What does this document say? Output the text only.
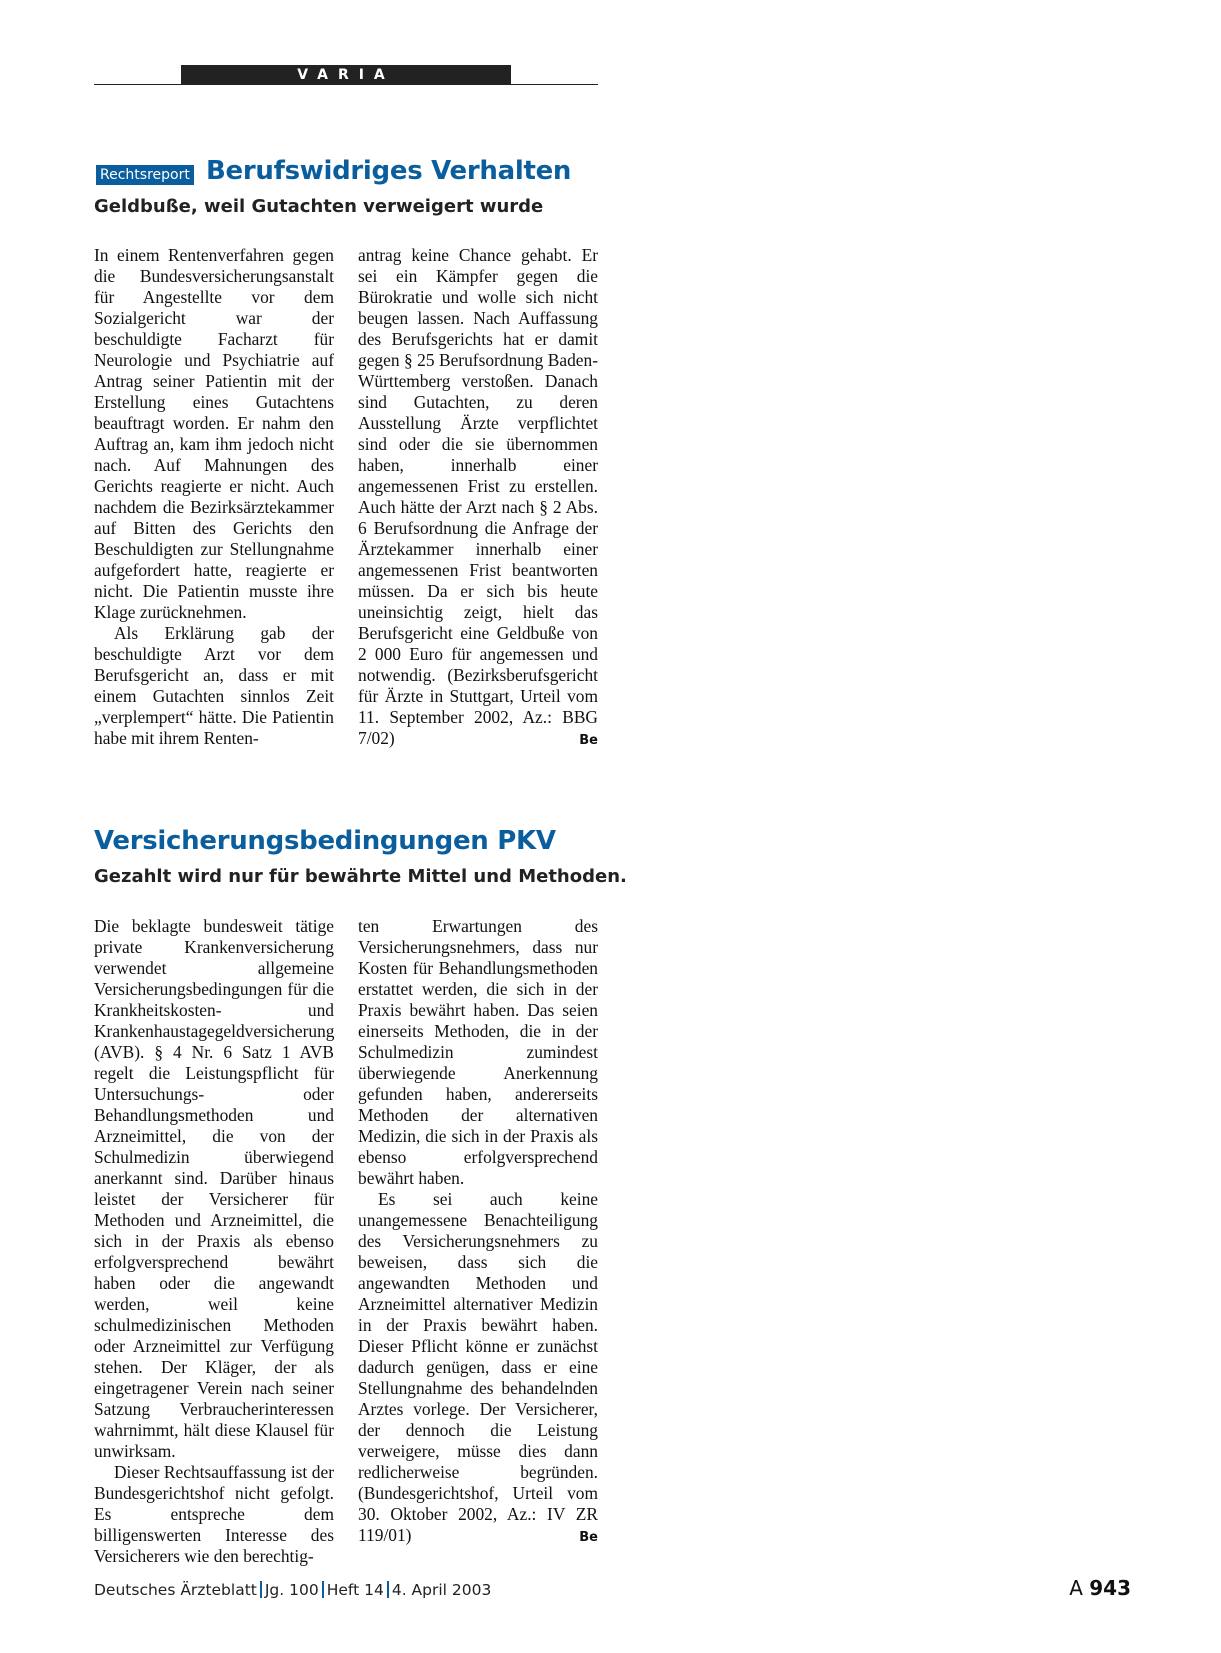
VARIA
Rechtsreport Berufswidriges Verhalten
Geldbuße, weil Gutachten verweigert wurde

In einem Rentenverfahren gegen die Bundesversicherungsanstalt für Angestellte vor dem Sozialgericht war der beschuldigte Facharzt für Neurologie und Psychiatrie auf Antrag seiner Patientin mit der Erstellung eines Gutachtens beauftragt worden. Er nahm den Auftrag an, kam ihm jedoch nicht nach. Auf Mahnungen des Gerichts reagierte er nicht. Auch nachdem die Bezirksärztekammer auf Bitten des Gerichts den Beschuldigten zur Stellungnahme aufgefordert hatte, reagierte er nicht. Die Patientin musste ihre Klage zurücknehmen.

Als Erklärung gab der beschuldigte Arzt vor dem Berufsgericht an, dass er mit einem Gutachten sinnlos Zeit „verplempert“ hätte. Die Patientin habe mit ihrem Renten-

antrag keine Chance gehabt. Er sei ein Kämpfer gegen die Bürokratie und wolle sich nicht beugen lassen. Nach Auffassung des Berufsgerichts hat er damit gegen § 25 Berufsordnung Baden-Württemberg verstoßen. Danach sind Gutachten, zu deren Ausstellung Ärzte verpflichtet sind oder die sie übernommen haben, innerhalb einer angemessenen Frist zu erstellen. Auch hätte der Arzt nach § 2 Abs. 6 Berufsordnung die Anfrage der Ärztekammer innerhalb einer angemessenen Frist beantworten müssen. Da er sich bis heute uneinsichtig zeigt, hielt das Berufsgericht eine Geldbuße von 2 000 Euro für angemessen und notwendig. (Bezirksberufsgericht für Ärzte in Stuttgart, Urteil vom 11. September 2002, Az.: BBG 7/02)	Be

Versicherungsbedingungen PKV
Gezahlt wird nur für bewährte Mittel und Methoden.

Die beklagte bundesweit tätige private Krankenversicherung verwendet allgemeine Versicherungsbedingungen für die Krankheitskosten- und Krankenhaustagegeldversicherung (AVB). § 4 Nr. 6 Satz 1 AVB regelt die Leistungspflicht für Untersuchungs- oder Behandlungsmethoden und Arzneimittel, die von der Schulmedizin überwiegend anerkannt sind. Darüber hinaus leistet der Versicherer für Methoden und Arzneimittel, die sich in der Praxis als ebenso erfolgversprechend bewährt haben oder die angewandt werden, weil keine schulmedizinischen Methoden oder Arzneimittel zur Verfügung stehen. Der Kläger, der als eingetragener Verein nach seiner Satzung Verbraucherinteressen wahrnimmt, hält diese Klausel für unwirksam.

Dieser Rechtsauffassung ist der Bundesgerichtshof nicht gefolgt. Es entspreche dem billigenswerten Interesse des Versicherers wie den berechtig-

ten Erwartungen des Versicherungsnehmers, dass nur Kosten für Behandlungsmethoden erstattet werden, die sich in der Praxis bewährt haben. Das seien einerseits Methoden, die in der Schulmedizin zumindest überwiegende Anerkennung gefunden haben, andererseits Methoden der alternativen Medizin, die sich in der Praxis als ebenso erfolgversprechend bewährt haben.

Es sei auch keine unangemessene Benachteiligung des Versicherungsnehmers zu beweisen, dass sich die angewandten Methoden und Arzneimittel alternativer Medizin in der Praxis bewährt haben. Dieser Pflicht könne er zunächst dadurch genügen, dass er eine Stellungnahme des behandelnden Arztes vorlege. Der Versicherer, der dennoch die Leistung verweigere, müsse dies dann redlicherweise begründen. (Bundesgerichtshof, Urteil vom 30. Oktober 2002, Az.: IV ZR 119/01)	Be

Deutsches Ärzteblatt Jg. 100 Heft 14 4. April 2003	A 943
